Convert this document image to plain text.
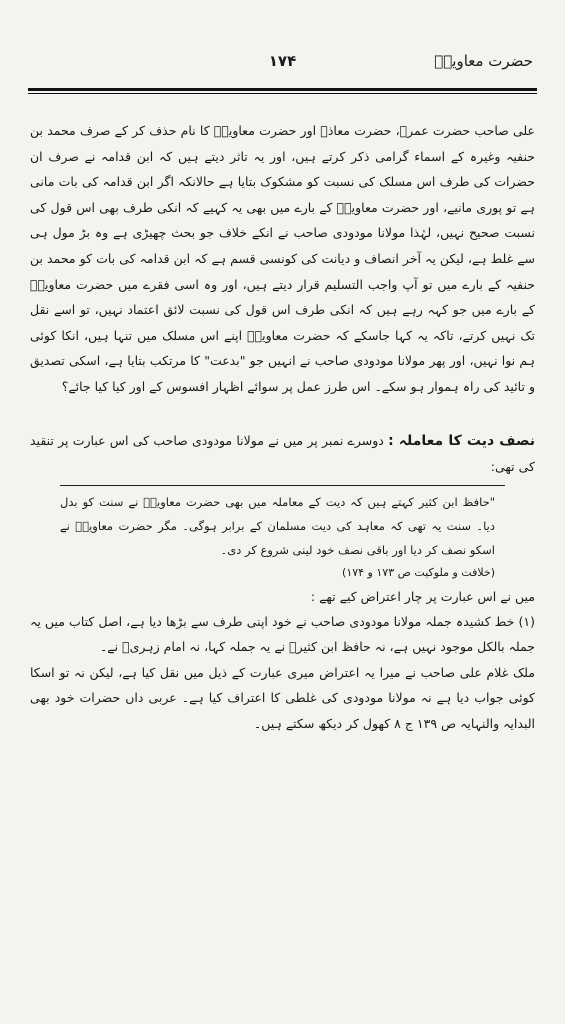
حضرت معاویہؓ
۱۷۴

علی صاحب حضرت عمرؓ، حضرت معاذؓ اور حضرت معاویہؓ کا نام حذف کر کے صرف محمد بن حنفیہ وغیرہ کے اسماء گرامی ذکر کرتے ہیں، اور یہ تاثر دیتے ہیں کہ ابن قدامہ نے صرف ان حضرات کی طرف اس مسلک کی نسبت کو مشکوک بتایا ہے حالانکہ اگر ابن قدامہ کی بات مانی ہے تو پوری مانیے، اور حضرت معاویہؓ کے بارے میں بھی یہ کہیے کہ انکی طرف بھی اس قول کی نسبت صحیح نہیں، لہٰذا مولانا مودودی صاحب نے انکے خلاف جو بحث چھیڑی ہے وہ بڑ مول ہی سے غلط ہے، لیکن یہ آخر انصاف و دیانت کی کونسی قسم ہے کہ ابن قدامہ کی بات کو محمد بن حنفیہ کے بارے میں تو آپ واجب التسلیم قرار دیتے ہیں، اور وہ اسی فقرے میں حضرت معاویہؓ کے بارے میں جو کہہ رہے ہیں کہ انکی طرف اس قول کی نسبت لائق اعتماد نہیں، تو اسے نقل تک نہیں کرتے، تاکہ یہ کہا جاسکے کہ حضرت معاویہؓ اپنے اس مسلک میں تنہا ہیں، انکا کوئی ہم نوا نہیں، اور پھر مولانا مودودی صاحب نے انہیں جو "بدعت" کا مرتکب بتایا ہے، اسکی تصدیق و تائید کی راہ ہموار ہو سکے۔ اس طرز عمل پر سوائے اظہار افسوس کے اور کیا کیا جائے؟

نصف دیت کا معاملہ : دوسرے نمبر پر میں نے مولانا مودودی صاحب کی اس عبارت پر تنقید کی تھی:

"حافظ ابن کثیر کہتے ہیں کہ دیت کے معاملہ میں بھی حضرت معاویہؓ نے سنت کو بدل دیا۔ سنت یہ تھی کہ معاہد کی دیت مسلمان کے برابر ہوگی۔ مگر حضرت معاویہؓ نے اسکو نصف کر دیا اور باقی نصف خود لینی شروع کر دی۔

(خلافت و ملوکیت ص ۱۷۳ و ۱۷۴)

میں نے اس عبارت پر چار اعتراض کیے تھے :

(۱) خط کشیدہ جملہ مولانا مودودی صاحب نے خود اپنی طرف سے بڑھا دیا ہے، اصل کتاب میں یہ جملہ بالکل موجود نہیں ہے، نہ حافظ ابن کثیرؒ نے یہ جملہ کہا، نہ امام زہریؒ نے۔

ملک غلام علی صاحب نے میرا یہ اعتراض میری عبارت کے ذیل میں نقل کیا ہے، لیکن نہ تو اسکا کوئی جواب دیا ہے نہ مولانا مودودی کی غلطی کا اعتراف کیا ہے۔ عربی داں حضرات خود بھی البدایہ والنہایہ ص ۱۳۹ ج ۸ کھول کر دیکھ سکتے ہیں۔
